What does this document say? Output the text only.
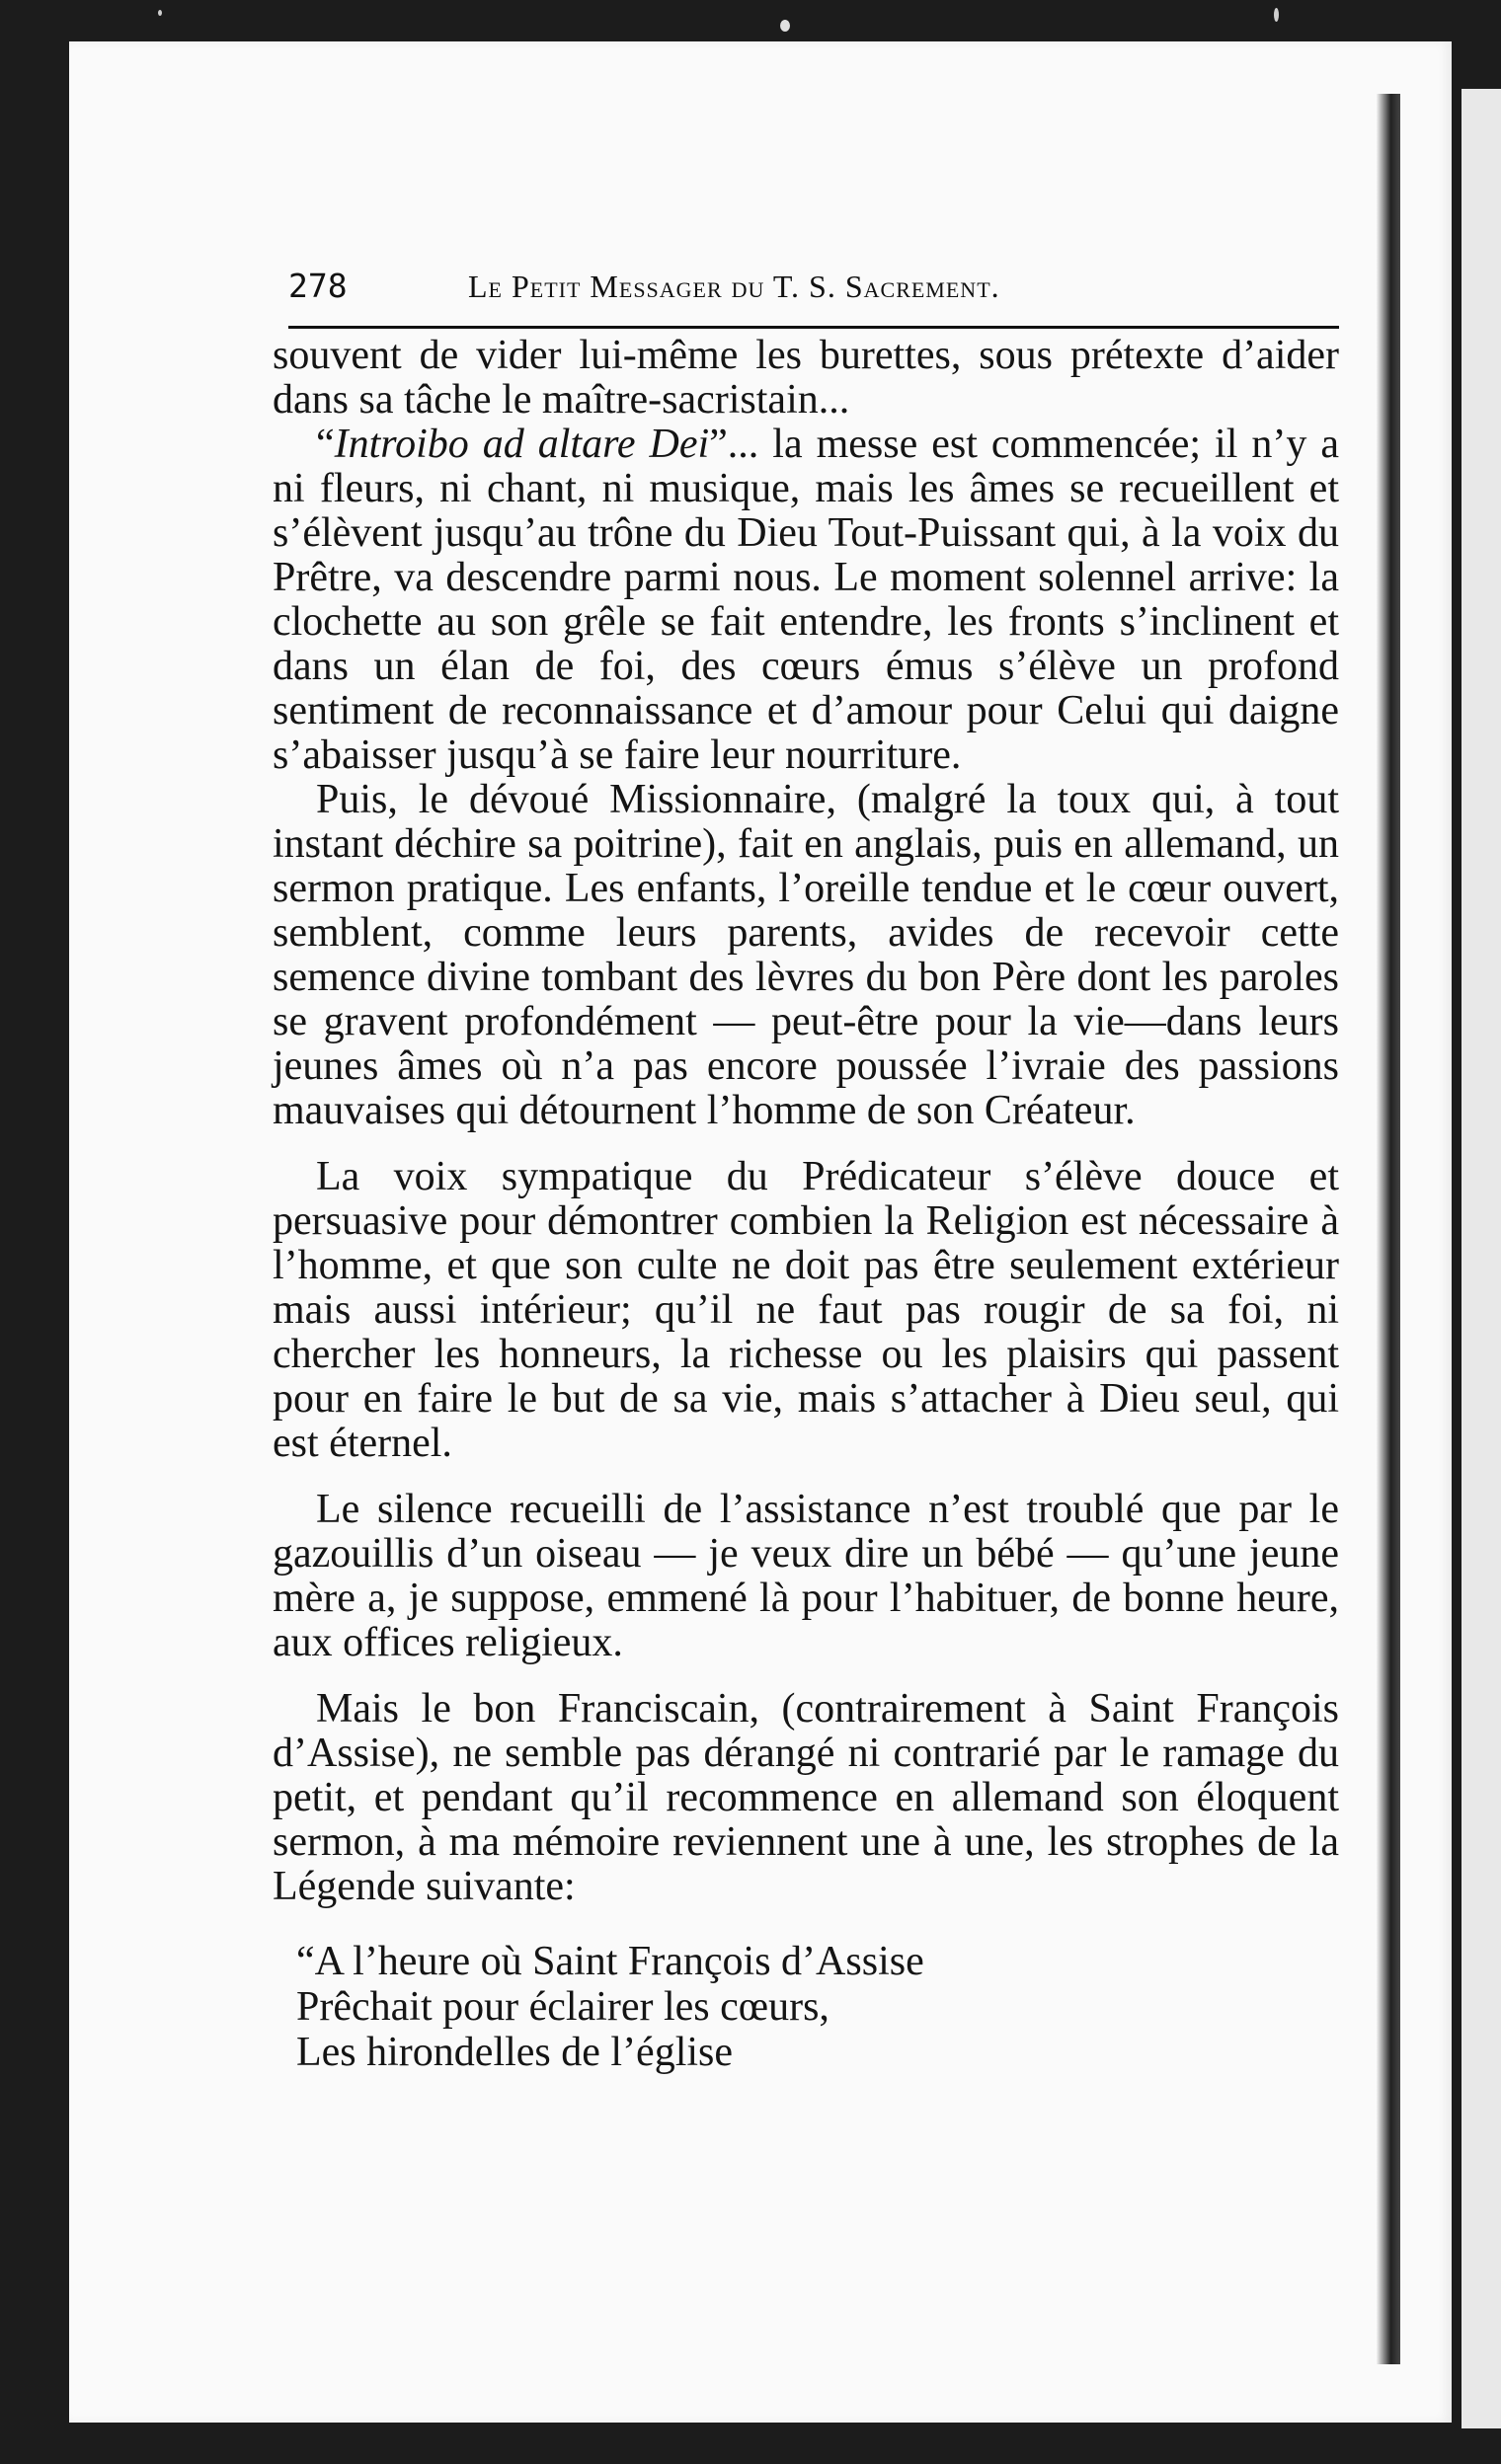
278	Le Petit Messager du T. S. Sacrement.

souvent de vider lui-même les burettes, sous prétexte d’aider dans sa tâche le maître-sacristain...

“Introibo ad altare Dei”... la messe est commencée; il n’y a ni fleurs, ni chant, ni musique, mais les âmes se recueillent et s’élèvent jusqu’au trône du Dieu Tout-Puissant qui, à la voix du Prêtre, va descendre parmi nous. Le moment solennel arrive: la clochette au son grêle se fait entendre, les fronts s’inclinent et dans un élan de foi, des cœurs émus s’élève un profond sentiment de reconnaissance et d’amour pour Celui qui daigne s’abaisser jusqu’à se faire leur nourriture.

Puis, le dévoué Missionnaire, (malgré la toux qui, à tout instant déchire sa poitrine), fait en anglais, puis en allemand, un sermon pratique. Les enfants, l’oreille tendue et le cœur ouvert, semblent, comme leurs parents, avides de recevoir cette semence divine tombant des lèvres du bon Père dont les paroles se gravent profondément — peut-être pour la vie—dans leurs jeunes âmes où n’a pas encore poussée l’ivraie des passions mauvaises qui détournent l’homme de son Créateur.

La voix sympatique du Prédicateur s’élève douce et persuasive pour démontrer combien la Religion est nécessaire à l’homme, et que son culte ne doit pas être seulement extérieur mais aussi intérieur; qu’il ne faut pas rougir de sa foi, ni chercher les honneurs, la richesse ou les plaisirs qui passent pour en faire le but de sa vie, mais s’attacher à Dieu seul, qui est éternel.

Le silence recueilli de l’assistance n’est troublé que par le gazouillis d’un oiseau — je veux dire un bébé — qu’une jeune mère a, je suppose, emmené là pour l’habituer, de bonne heure, aux offices religieux.

Mais le bon Franciscain, (contrairement à Saint François d’Assise), ne semble pas dérangé ni contrarié par le ramage du petit, et pendant qu’il recommence en allemand son éloquent sermon, à ma mémoire reviennent une à une, les strophes de la Légende suivante:

“A l’heure où Saint François d’Assise
Prêchait pour éclairer les cœurs,
Les hirondelles de l’église
